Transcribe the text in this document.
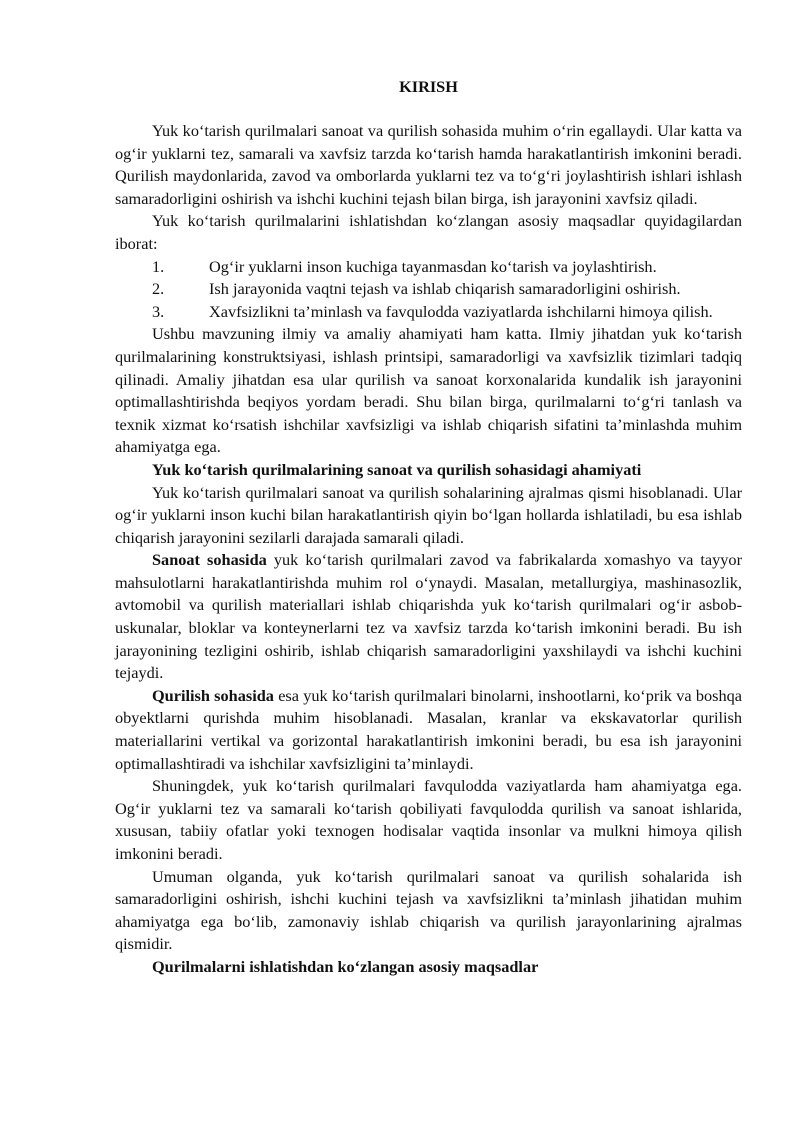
KIRISH

Yuk ko‘tarish qurilmalari sanoat va qurilish sohasida muhim o‘rin egallaydi. Ular katta va og‘ir yuklarni tez, samarali va xavfsiz tarzda ko‘tarish hamda harakatlantirish imkonini beradi. Qurilish maydonlarida, zavod va omborlarda yuklarni tez va to‘g‘ri joylashtirish ishlari ishlash samaradorligini oshirish va ishchi kuchini tejash bilan birga, ish jarayonini xavfsiz qiladi.

Yuk ko‘tarish qurilmalarini ishlatishdan ko‘zlangan asosiy maqsadlar quyidagilardan iborat:

1.	Og‘ir yuklarni inson kuchiga tayanmasdan ko‘tarish va joylashtirish.

2.	Ish jarayonida vaqtni tejash va ishlab chiqarish samaradorligini oshirish.

3.	Xavfsizlikni ta’minlash va favqulodda vaziyatlarda ishchilarni himoya qilish.

Ushbu mavzuning ilmiy va amaliy ahamiyati ham katta. Ilmiy jihatdan yuk ko‘tarish qurilmalarining konstruktsiyasi, ishlash printsipi, samaradorligi va xavfsizlik tizimlari tadqiq qilinadi. Amaliy jihatdan esa ular qurilish va sanoat korxonalarida kundalik ish jarayonini optimallashtirishda beqiyos yordam beradi. Shu bilan birga, qurilmalarni to‘g‘ri tanlash va texnik xizmat ko‘rsatish ishchilar xavfsizligi va ishlab chiqarish sifatini ta’minlashda muhim ahamiyatga ega.

Yuk ko‘tarish qurilmalarining sanoat va qurilish sohasidagi ahamiyati

Yuk ko‘tarish qurilmalari sanoat va qurilish sohalarining ajralmas qismi hisoblanadi. Ular og‘ir yuklarni inson kuchi bilan harakatlantirish qiyin bo‘lgan hollarda ishlatiladi, bu esa ishlab chiqarish jarayonini sezilarli darajada samarali qiladi.

Sanoat sohasida yuk ko‘tarish qurilmalari zavod va fabrikalarda xomashyo va tayyor mahsulotlarni harakatlantirishda muhim rol o‘ynaydi. Masalan, metallurgiya, mashinasozlik, avtomobil va qurilish materiallari ishlab chiqarishda yuk ko‘tarish qurilmalari og‘ir asbob-uskunalar, bloklar va konteynerlarni tez va xavfsiz tarzda ko‘tarish imkonini beradi. Bu ish jarayonining tezligini oshirib, ishlab chiqarish samaradorligini yaxshilaydi va ishchi kuchini tejaydi.

Qurilish sohasida esa yuk ko‘tarish qurilmalari binolarni, inshootlarni, ko‘prik va boshqa obyektlarni qurishda muhim hisoblanadi. Masalan, kranlar va ekskavatorlar qurilish materiallarini vertikal va gorizontal harakatlantirish imkonini beradi, bu esa ish jarayonini optimallashtiradi va ishchilar xavfsizligini ta’minlaydi.

Shuningdek, yuk ko‘tarish qurilmalari favqulodda vaziyatlarda ham ahamiyatga ega. Og‘ir yuklarni tez va samarali ko‘tarish qobiliyati favqulodda qurilish va sanoat ishlarida, xususan, tabiiy ofatlar yoki texnogen hodisalar vaqtida insonlar va mulkni himoya qilish imkonini beradi.

Umuman olganda, yuk ko‘tarish qurilmalari sanoat va qurilish sohalarida ish samaradorligini oshirish, ishchi kuchini tejash va xavfsizlikni ta’minlash jihatidan muhim ahamiyatga ega bo‘lib, zamonaviy ishlab chiqarish va qurilish jarayonlarining ajralmas qismidir.

Qurilmalarni ishlatishdan ko‘zlangan asosiy maqsadlar
